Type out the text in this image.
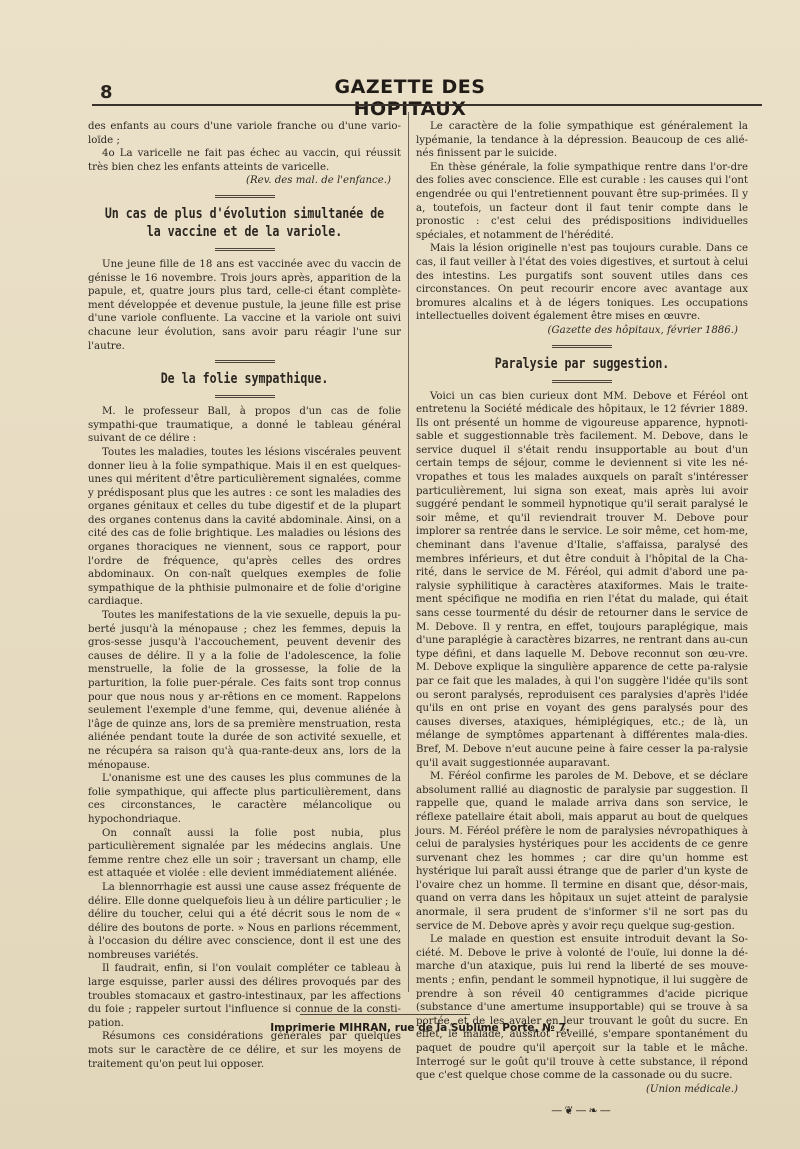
8	GAZETTE DES HOPITAUX

des enfants au cours d'une variole franche ou d'une vario-loïde ;

4o La varicelle ne fait pas échec au vaccin, qui réussit très bien chez les enfants atteints de varicelle.

(Rev. des mal. de l'enfance.)

Un cas de plus d'évolution simultanée de la vaccine et de la variole.

Une jeune fille de 18 ans est vaccinée avec du vaccin de génisse le 16 novembre. Trois jours après, apparition de la papule, et, quatre jours plus tard, celle-ci étant complète-ment développée et devenue pustule, la jeune fille est prise d'une variole confluente. La vaccine et la variole ont suivi chacune leur évolution, sans avoir paru réagir l'une sur l'autre.

De la folie sympathique.

M. le professeur Ball, à propos d'un cas de folie sympathi-que traumatique, a donné le tableau général suivant de ce délire :

Toutes les maladies, toutes les lésions viscérales peuvent donner lieu à la folie sympathique. Mais il en est quelques-unes qui méritent d'être particulièrement signalées, comme y prédisposant plus que les autres : ce sont les maladies des organes génitaux et celles du tube digestif et de la plupart des organes contenus dans la cavité abdominale. Ainsi, on a cité des cas de folie brightique. Les maladies ou lésions des organes thoraciques ne viennent, sous ce rapport, pour l'ordre de fréquence, qu'après celles des ordres abdominaux. On con-naît quelques exemples de folie sympathique de la phthisie pulmonaire et de folie d'origine cardiaque.

Toutes les manifestations de la vie sexuelle, depuis la pu-berté jusqu'à la ménopause ; chez les femmes, depuis la gros-sesse jusqu'à l'accouchement, peuvent devenir des causes de délire. Il y a la folie de l'adolescence, la folie menstruelle, la folie de la grossesse, la folie de la parturition, la folie puer-pérale. Ces faits sont trop connus pour que nous nous y ar-rêtions en ce moment. Rappelons seulement l'exemple d'une femme, qui, devenue aliénée à l'âge de quinze ans, lors de sa première menstruation, resta aliénée pendant toute la durée de son activité sexuelle, et ne récupéra sa raison qu'à qua-rante-deux ans, lors de la ménopause.

L'onanisme est une des causes les plus communes de la folie sympathique, qui affecte plus particulièrement, dans ces circonstances, le caractère mélancolique ou hypochondriaque.

On connaît aussi la folie post nubia, plus particulièrement signalée par les médecins anglais. Une femme rentre chez elle un soir ; traversant un champ, elle est attaquée et violée : elle devient immédiatement aliénée.

La blennorrhagie est aussi une cause assez fréquente de délire. Elle donne quelquefois lieu à un délire particulier ; le délire du toucher, celui qui a été décrit sous le nom de « délire des boutons de porte. » Nous en parlions récemment, à l'occasion du délire avec conscience, dont il est une des nombreuses variétés.

Il faudrait, enfin, si l'on voulait compléter ce tableau à large esquisse, parler aussi des délires provoqués par des troubles stomacaux et gastro-intestinaux, par les affections du foie ; rappeler surtout l'influence si connue de la consti-pation.

Résumons ces considérations générales par quelques mots sur le caractère de ce délire, et sur les moyens de traitement qu'on peut lui opposer.

Le caractère de la folie sympathique est généralement la lypémanie, la tendance à la dépression. Beaucoup de ces alié-nés finissent par le suicide.

En thèse générale, la folie sympathique rentre dans l'or-dre des folies avec conscience. Elle est curable : les causes qui l'ont engendrée ou qui l'entretiennent pouvant être sup-primées. Il y a, toutefois, un facteur dont il faut tenir compte dans le pronostic : c'est celui des prédispositions individuelles spéciales, et notamment de l'hérédité.

Mais la lésion originelle n'est pas toujours curable. Dans ce cas, il faut veiller à l'état des voies digestives, et surtout à celui des intestins. Les purgatifs sont souvent utiles dans ces circonstances. On peut recourir encore avec avantage aux bromures alcalins et à de légers toniques. Les occupations intellectuelles doivent également être mises en œuvre.

(Gazette des hôpitaux, février 1886.)

Paralysie par suggestion.

Voici un cas bien curieux dont MM. Debove et Féréol ont entretenu la Société médicale des hôpitaux, le 12 février 1889. Ils ont présenté un homme de vigoureuse apparence, hypnoti-sable et suggestionnable très facilement. M. Debove, dans le service duquel il s'était rendu insupportable au bout d'un certain temps de séjour, comme le deviennent si vite les né-vropathes et tous les malades auxquels on paraît s'intéresser particulièrement, lui signa son exeat, mais après lui avoir suggéré pendant le sommeil hypnotique qu'il serait paralysé le soir même, et qu'il reviendrait trouver M. Debove pour implorer sa rentrée dans le service. Le soir même, cet hom-me, cheminant dans l'avenue d'Italie, s'affaissa, paralysé des membres inférieurs, et dut être conduit à l'hôpital de la Cha-rité, dans le service de M. Féréol, qui admit d'abord une pa-ralysie syphilitique à caractères ataxiformes. Mais le traite-ment spécifique ne modifia en rien l'état du malade, qui était sans cesse tourmenté du désir de retourner dans le service de M. Debove. Il y rentra, en effet, toujours paraplégique, mais d'une paraplégie à caractères bizarres, ne rentrant dans au-cun type défini, et dans laquelle M. Debove reconnut son œu-vre. M. Debove explique la singulière apparence de cette pa-ralysie par ce fait que les malades, à qui l'on suggère l'idée qu'ils sont ou seront paralysés, reproduisent ces paralysies d'après l'idée qu'ils en ont prise en voyant des gens paralysés pour des causes diverses, ataxiques, hémiplégiques, etc.; de là, un mélange de symptômes appartenant à différentes mala-dies. Bref, M. Debove n'eut aucune peine à faire cesser la pa-ralysie qu'il avait suggestionnée auparavant.

M. Féréol confirme les paroles de M. Debove, et se déclare absolument rallié au diagnostic de paralysie par suggestion. Il rappelle que, quand le malade arriva dans son service, le réflexe patellaire était aboli, mais apparut au bout de quelques jours. M. Féréol préfère le nom de paralysies névropathiques à celui de paralysies hystériques pour les accidents de ce genre survenant chez les hommes ; car dire qu'un homme est hystérique lui paraît aussi étrange que de parler d'un kyste de l'ovaire chez un homme. Il termine en disant que, désor-mais, quand on verra dans les hôpitaux un sujet atteint de paralysie anormale, il sera prudent de s'informer s'il ne sort pas du service de M. Debove après y avoir reçu quelque sug-gestion.

Le malade en question est ensuite introduit devant la So-ciété. M. Debove le prive à volonté de l'ouïe, lui donne la dé-marche d'un ataxique, puis lui rend la liberté de ses mouve-ments ; enfin, pendant le sommeil hypnotique, il lui suggère de prendre à son réveil 40 centigrammes d'acide picrique (substance d'une amertume insupportable) qui se trouve à sa portée, et de les avaler en leur trouvant le goût du sucre. En effet, le malade, aussitôt réveillé, s'empare spontanément du paquet de poudre qu'il aperçoit sur la table et le mâche. Interrogé sur le goût qu'il trouve à cette substance, il répond que c'est quelque chose comme de la cassonade ou du sucre.

(Union médicale.)

—❦—❧—

Imprimerie MIHRAN, rue de la Sublime Porte, № 7.
